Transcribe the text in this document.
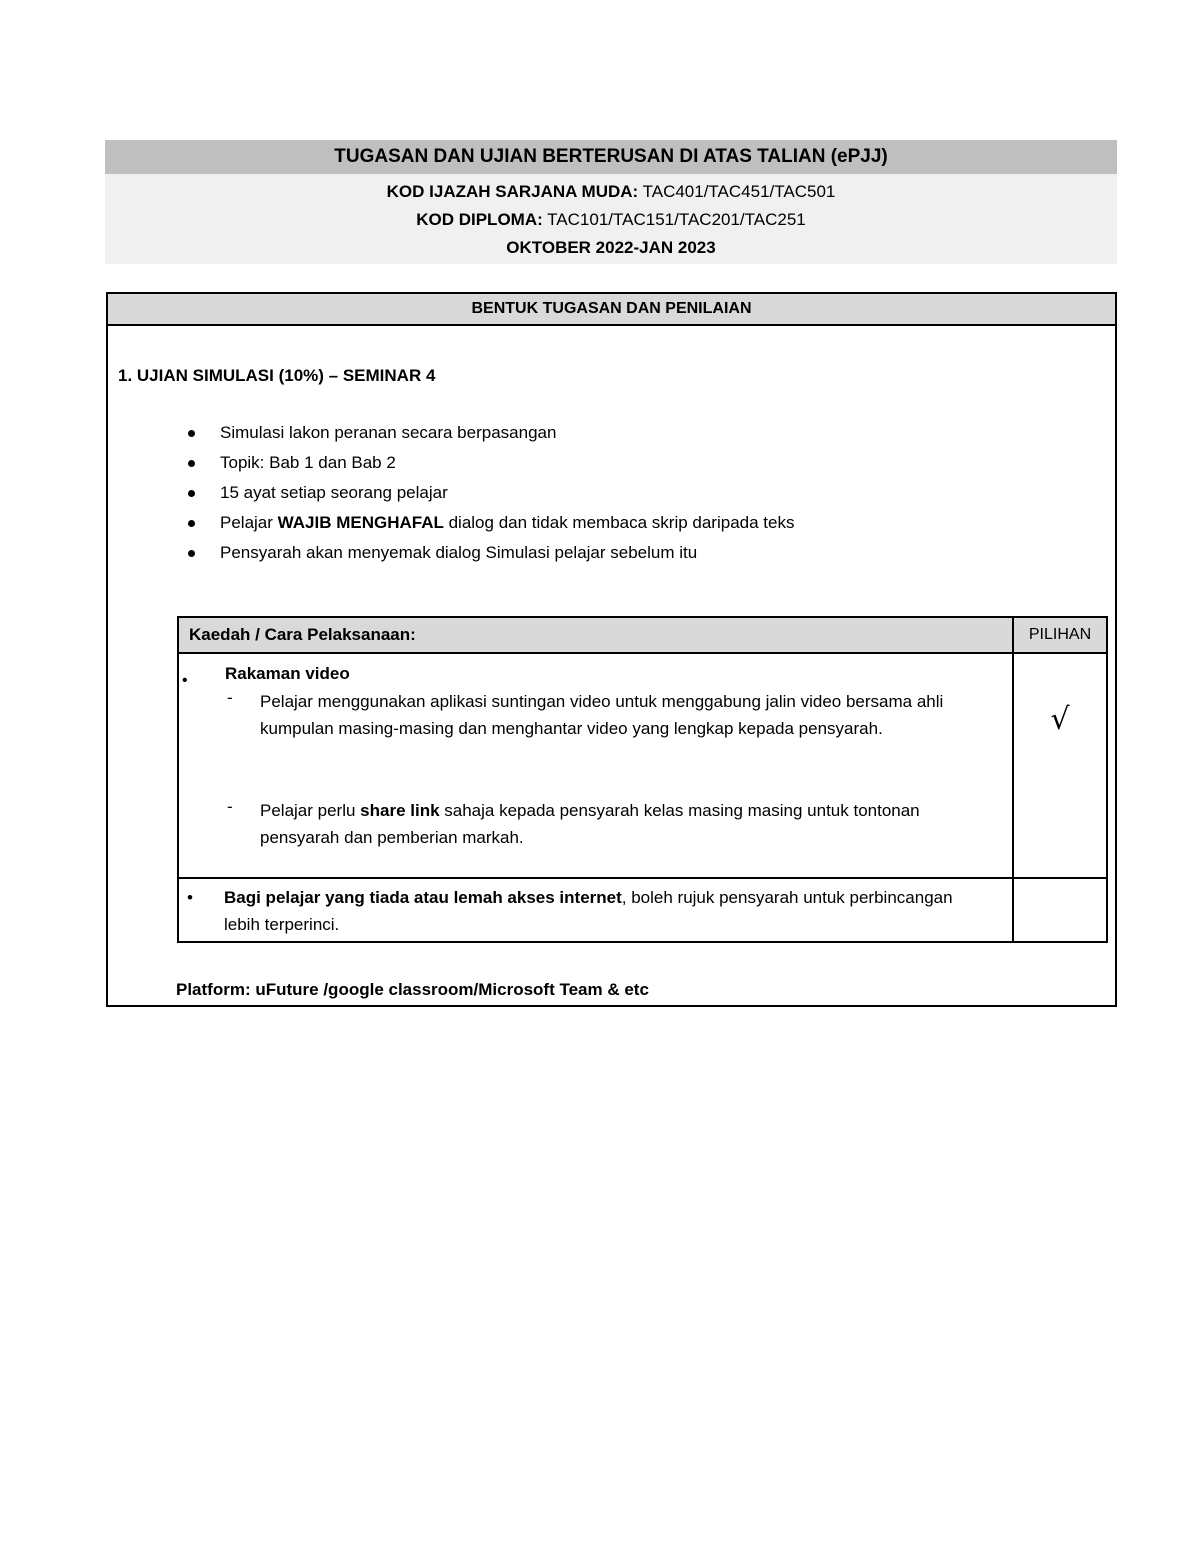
TUGASAN DAN UJIAN BERTERUSAN DI ATAS TALIAN (ePJJ)
KOD IJAZAH SARJANA MUDA: TAC401/TAC451/TAC501
KOD DIPLOMA: TAC101/TAC151/TAC201/TAC251
OKTOBER 2022-JAN 2023
BENTUK TUGASAN DAN PENILAIAN
1. UJIAN SIMULASI (10%) – SEMINAR 4
Simulasi lakon peranan secara berpasangan
Topik: Bab 1 dan Bab 2
15 ayat setiap seorang pelajar
Pelajar WAJIB MENGHAFAL dialog dan tidak membaca skrip daripada teks
Pensyarah akan menyemak dialog Simulasi pelajar sebelum itu
Platform: uFuture /google classroom/Microsoft Team & etc
Kaedah / Cara Pelaksanaan:	PILIHAN
• Rakaman video
- Pelajar menggunakan aplikasi suntingan video untuk menggabung jalin video bersama ahli kumpulan masing-masing dan menghantar video yang lengkap kepada pensyarah.
- Pelajar perlu share link sahaja kepada pensyarah kelas masing masing untuk tontonan pensyarah dan pemberian markah.
√
• Bagi pelajar yang tiada atau lemah akses internet, boleh rujuk pensyarah untuk perbincangan lebih terperinci.
